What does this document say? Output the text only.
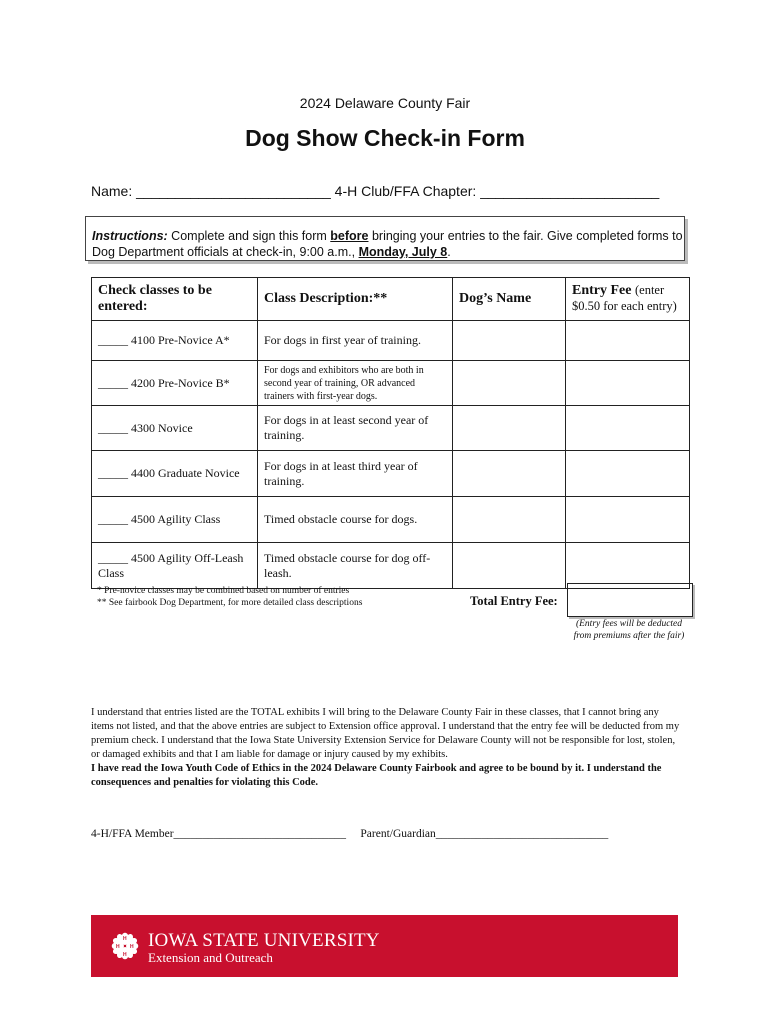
2024 Delaware County Fair
Dog Show Check-in Form
Name: _________________________ 4-H Club/FFA Chapter: _______________________
Instructions: Complete and sign this form before bringing your entries to the fair. Give completed forms to Dog Department officials at check-in, 9:00 a.m., Monday, July 8.
Check classes to be entered:	Class Description:**	Dog’s Name	Entry Fee (enter $0.50 for each entry)
_____ 4100 Pre-Novice A*	For dogs in first year of training.		
_____ 4200 Pre-Novice B*	For dogs and exhibitors who are both in second year of training, OR advanced trainers with first-year dogs.		
_____ 4300 Novice	For dogs in at least second year of training.		
_____ 4400 Graduate Novice	For dogs in at least third year of training.		
_____ 4500 Agility Class	Timed obstacle course for dogs.		
_____ 4500 Agility Off-Leash Class	Timed obstacle course for dog off-leash.		
* Pre-novice classes may be combined based on number of entries
** See fairbook Dog Department, for more detailed class descriptions	Total Entry Fee:
(Entry fees will be deducted from premiums after the fair)
I understand that entries listed are the TOTAL exhibits I will bring to the Delaware County Fair in these classes, that I cannot bring any items not listed, and that the above entries are subject to Extension office approval. I understand that the entry fee will be deducted from my premium check. I understand that the Iowa State University Extension Service for Delaware County will not be responsible for lost, stolen, or damaged exhibits and that I am liable for damage or injury caused by my exhibits.
I have read the Iowa Youth Code of Ethics in the 2024 Delaware County Fairbook and agree to be bound by it. I understand the consequences and penalties for violating this Code.
4-H/FFA Member______________________________ Parent/Guardian______________________________
H
H
H
H IOWA STATE UNIVERSITY
Extension and Outreach
